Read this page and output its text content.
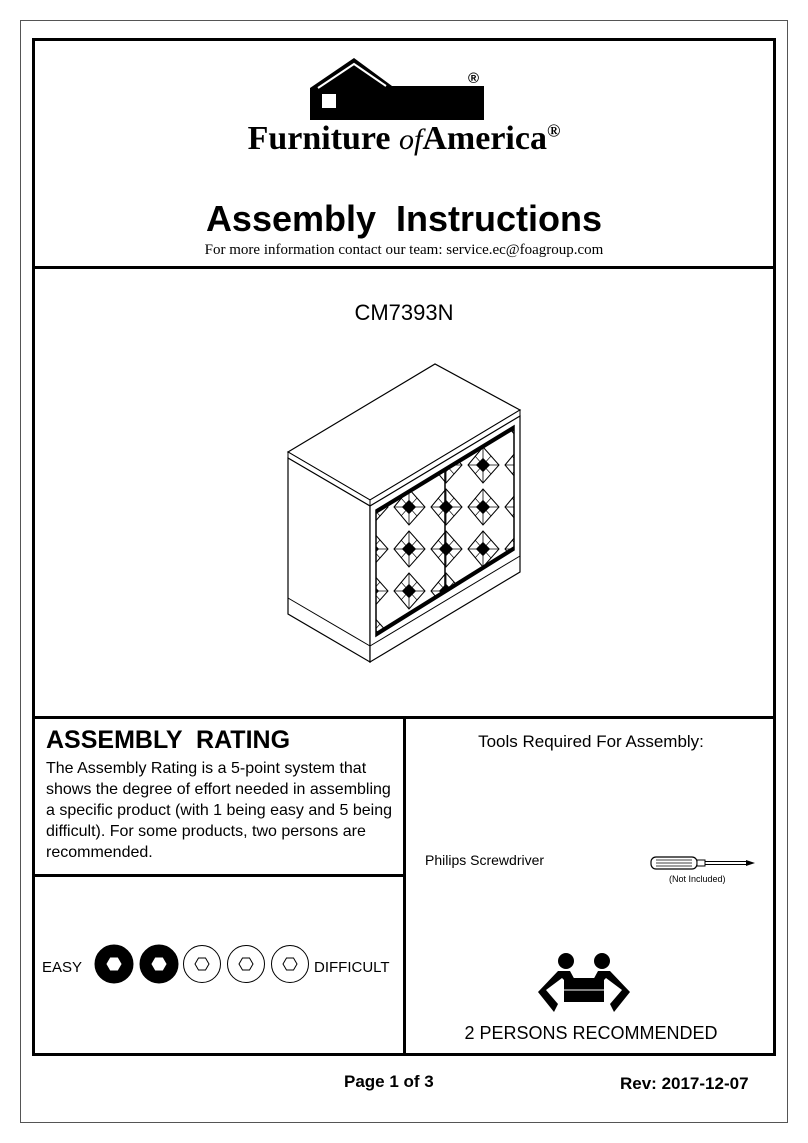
®
Furniture ofAmerica®
Assembly  Instructions
For more information contact our team: service.ec@foagroup.com
CM7393N
ASSEMBLY  RATING
The Assembly Rating is a 5-point system that shows the degree of effort needed in assembling a specific product (with 1 being easy and 5 being difficult). For some products, two persons are recommended.
EASY	DIFFICULT
Tools Required For Assembly:
Philips Screwdriver
(Not Included)
2 PERSONS RECOMMENDED
Page 1 of 3	Rev: 2017-12-07
